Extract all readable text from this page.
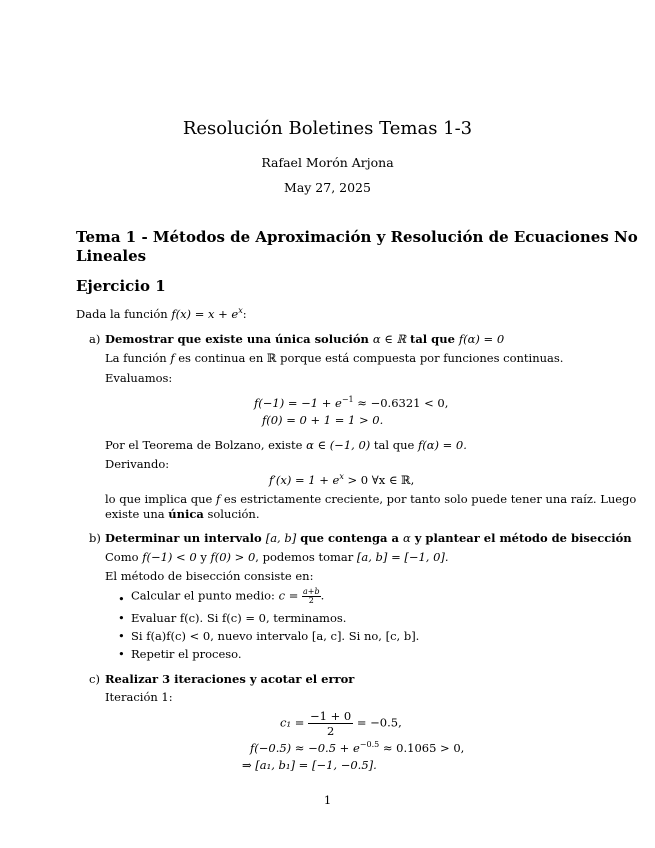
Resolución Boletines Temas 1-3
Rafael Morón Arjona
May 27, 2025
Tema 1 - Métodos de Aproximación y Resolución de Ecuaciones No
Lineales
Ejercicio 1
Dada la función $f(x) = x + e^x$:
a) Demostrar que existe una única solución α ∈ ℝ tal que f(α) = 0
La función f es continua en ℝ porque está compuesta por funciones continuas.
Evaluamos:
$f(-1) = -1 + e^{-1} \approx -0.6321 < 0$,
f(0) = 0 + 1 = 1 > 0.
Por el Teorema de Bolzano, existe α ∈ (−1, 0) tal que f(α) = 0.
Derivando:
$f'(x) = 1 + e^x > 0$ ∀x ∈ ℝ,
lo que implica que f es estrictamente creciente, por tanto solo puede tener una raíz. Luego
existe una única solución.
b) Determinar un intervalo [a, b] que contenga a α y plantear el método de bisección
Como f(−1) < 0 y f(0) > 0, podemos tomar [a, b] = [−1, 0].
El método de bisección consiste en:
• Calcular el punto medio: $c = \frac{a+b}{2}$ .
• Evaluar f(c). Si f(c) = 0, terminamos.
• Si f(a)f(c) < 0, nuevo intervalo [a, c]. Si no, [c, b].
• Repetir el proceso.
c) Realizar 3 iteraciones y acotar el error
Iteración 1:
$c_1 = \frac{-1 + 0}{2} = -0.5$,
$f(-0.5) \approx -0.5 + e^{-0.5} \approx 0.1065 > 0$,
⇒ [a₁, b₁] = [−1, −0.5].
1
